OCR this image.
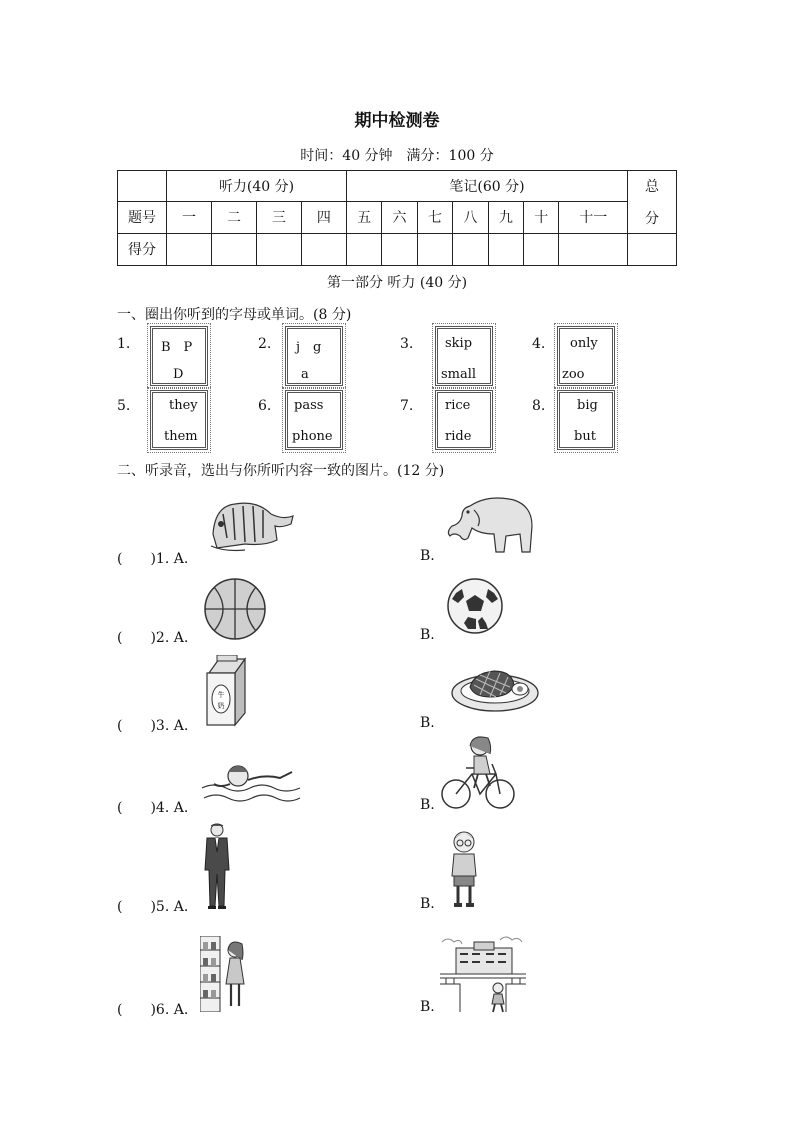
期中检测卷
时间：40 分钟　满分：100 分
	听力(40 分)				笔记(60 分)							总
分

题号	一	二	三	四	五	六	七	八	九	十	十一	
得分												
第一部分 听力 (40 分)
一、圈出你听到的字母或单词。(8 分)
1. B　P
D
2. j　g
a
3. skip
small
4. only
zoo
5.	they
them
6. pass
phone
7. rice
ride
8. big
but
二、听录音，选出与你所听内容一致的图片。(12 分)
(　　)1. A.	B.
(　　)2. A.	B.
(　　)3. A.
牛
奶
B.
(　　)4. A.	B.
(　　)5. A.	B.
(　　)6. A.	B.
